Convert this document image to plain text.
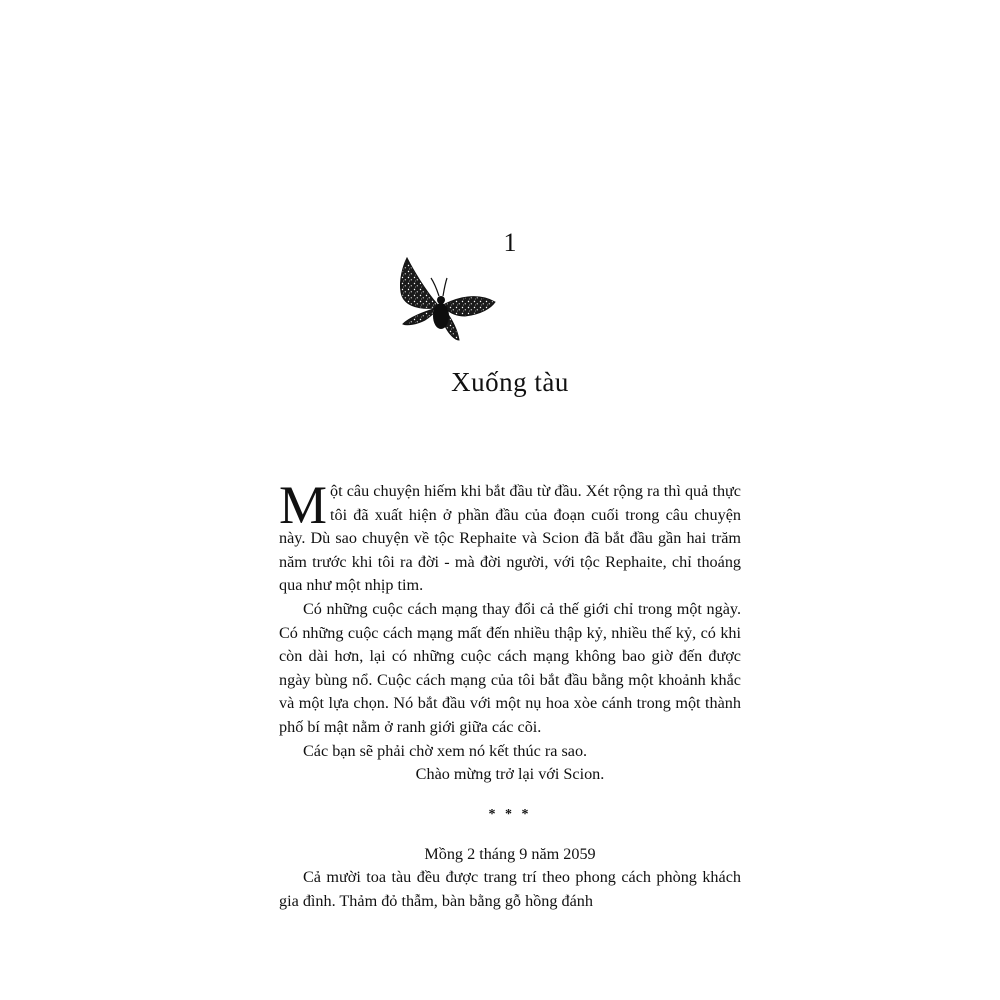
1
Xuống tàu

Một câu chuyện hiếm khi bắt đầu từ đầu. Xét rộng ra thì quả thực tôi đã xuất hiện ở phần đầu của đoạn cuối trong câu chuyện này. Dù sao chuyện về tộc Rephaite và Scion đã bắt đầu gần hai trăm năm trước khi tôi ra đời - mà đời người, với tộc Rephaite, chỉ thoáng qua như một nhịp tim.

Có những cuộc cách mạng thay đổi cả thế giới chỉ trong một ngày. Có những cuộc cách mạng mất đến nhiều thập kỷ, nhiều thế kỷ, có khi còn dài hơn, lại có những cuộc cách mạng không bao giờ đến được ngày bùng nổ. Cuộc cách mạng của tôi bắt đầu bằng một khoảnh khắc và một lựa chọn. Nó bắt đầu với một nụ hoa xòe cánh trong một thành phố bí mật nằm ở ranh giới giữa các cõi.

Các bạn sẽ phải chờ xem nó kết thúc ra sao.

Chào mừng trở lại với Scion.

* * *

Mồng 2 tháng 9 năm 2059

Cả mười toa tàu đều được trang trí theo phong cách phòng khách gia đình. Thảm đỏ thẫm, bàn bằng gỗ hồng đánh
